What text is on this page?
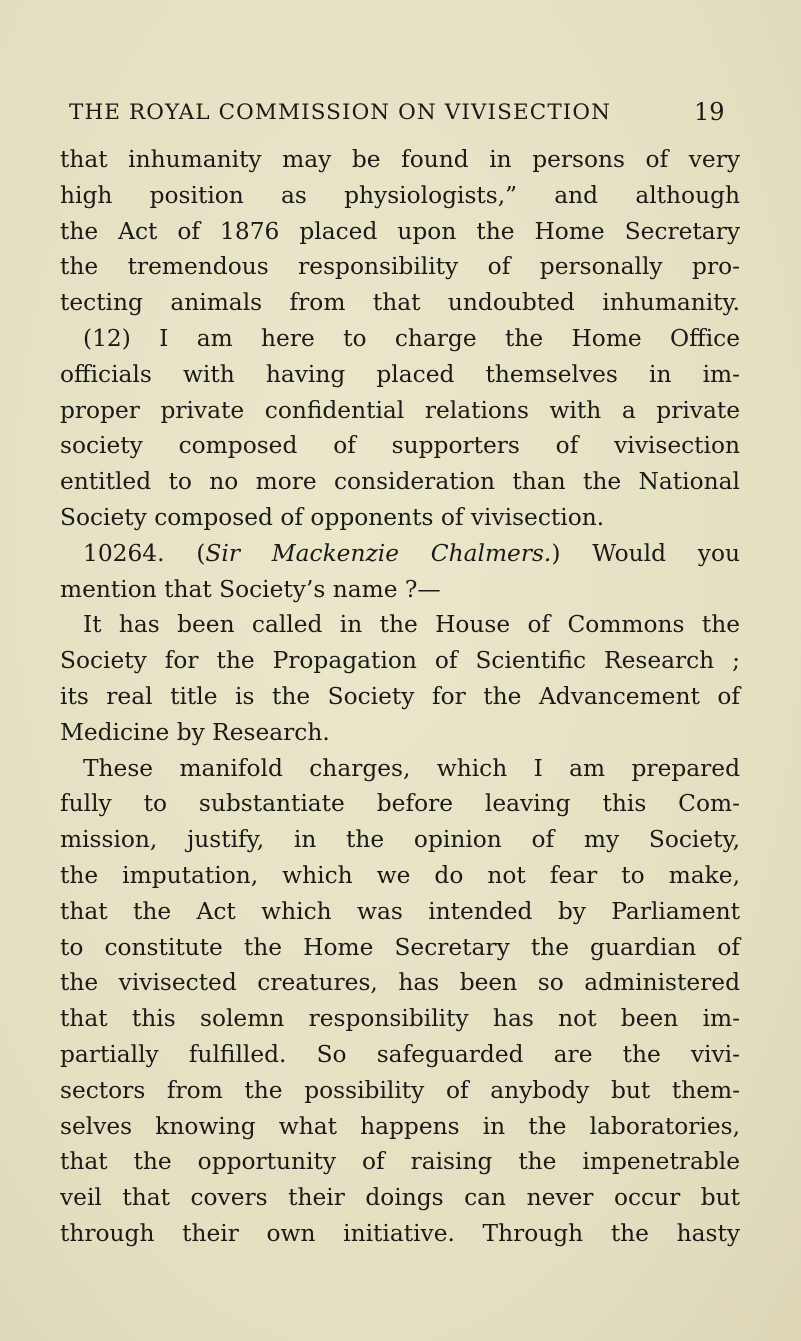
THE ROYAL COMMISSION ON VIVISECTION	19
that inhumanity may be found in persons of very
high position as physiologists,” and although
the Act of 1876 placed upon the Home Secretary
the tremendous responsibility of personally pro-
tecting animals from that undoubted inhumanity.
(12) I am here to charge the Home Office
officials with having placed themselves in im-
proper private confidential relations with a private
society composed of supporters of vivisection
entitled to no more consideration than the National
Society composed of opponents of vivisection.
10264. (Sir Mackenzie Chalmers.) Would you
mention that Society’s name ?—
It has been called in the House of Commons the
Society for the Propagation of Scientific Research ;
its real title is the Society for the Advancement of
Medicine by Research.
These manifold charges, which I am prepared
fully to substantiate before leaving this Com-
mission, justify, in the opinion of my Society,
the imputation, which we do not fear to make,
that the Act which was intended by Parliament
to constitute the Home Secretary the guardian of
the vivisected creatures, has been so administered
that this solemn responsibility has not been im-
partially fulfilled. So safeguarded are the vivi-
sectors from the possibility of anybody but them-
selves knowing what happens in the laboratories,
that the opportunity of raising the impenetrable
veil that covers their doings can never occur but
through their own initiative. Through the hasty
